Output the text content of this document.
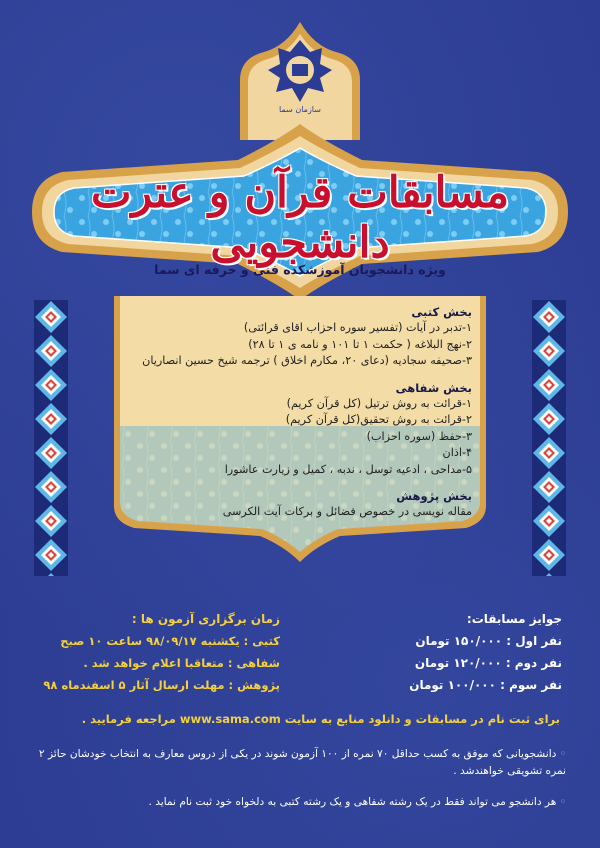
سازمان سما
مسابقات قرآن و عترت دانشجویی
ویژه دانشجویان آموزشکده فنی و حرفه ای سما
بخش کتبی
۱-تدبر در آیات (تفسیر سوره احزاب اقای قرائتی)
۲-نهج البلاغه ( حکمت ۱ تا ۱۰۱ و نامه ی ۱ تا ۲۸)
۳-صحیفه سجادیه (دعای ۲۰، مکارم اخلاق ) ترجمه شیخ حسین انصاریان
بخش شفاهی
۱-قرائت به روش ترتیل (کل قرآن کریم)
۲-قرائت به روش تحقیق(کل قرآن کریم)
۳-حفظ (سوره احزاب)
۴-اذان
۵-مداحی ، ادعیه توسل ، ندبه ، کمیل و زیارت عاشورا
بخش پژوهش
مقاله نویسی در خصوص فضائل و برکات آیت الکرسی
جوایز مسابقات:
نفر اول : ۱۵۰/۰۰۰ تومان
نفر دوم : ۱۲۰/۰۰۰ تومان
نفر سوم : ۱۰۰/۰۰۰ تومان
زمان برگزاری آزمون ها :
کتبی : یکشنبه ۹۸/۰۹/۱۷ ساعت ۱۰ صبح
شفاهی : متعاقبا اعلام خواهد شد .
پژوهش : مهلت ارسال آثار ۵ اسفندماه ۹۸
برای ثبت نام در مسابقات و دانلود منابع به سایت www.sama.com مراجعه فرمایید .
◦ دانشجویانی که موفق به کسب حداقل ۷۰ نمره از ۱۰۰ آزمون شوند در یکی از دروس معارف به انتخاب خودشان حائز ۲ نمره تشویقی خواهندشد .
◦ هر دانشجو می تواند فقط در یک رشته شفاهی و یک رشته کتبی به دلخواه خود ثبت نام نماید .
